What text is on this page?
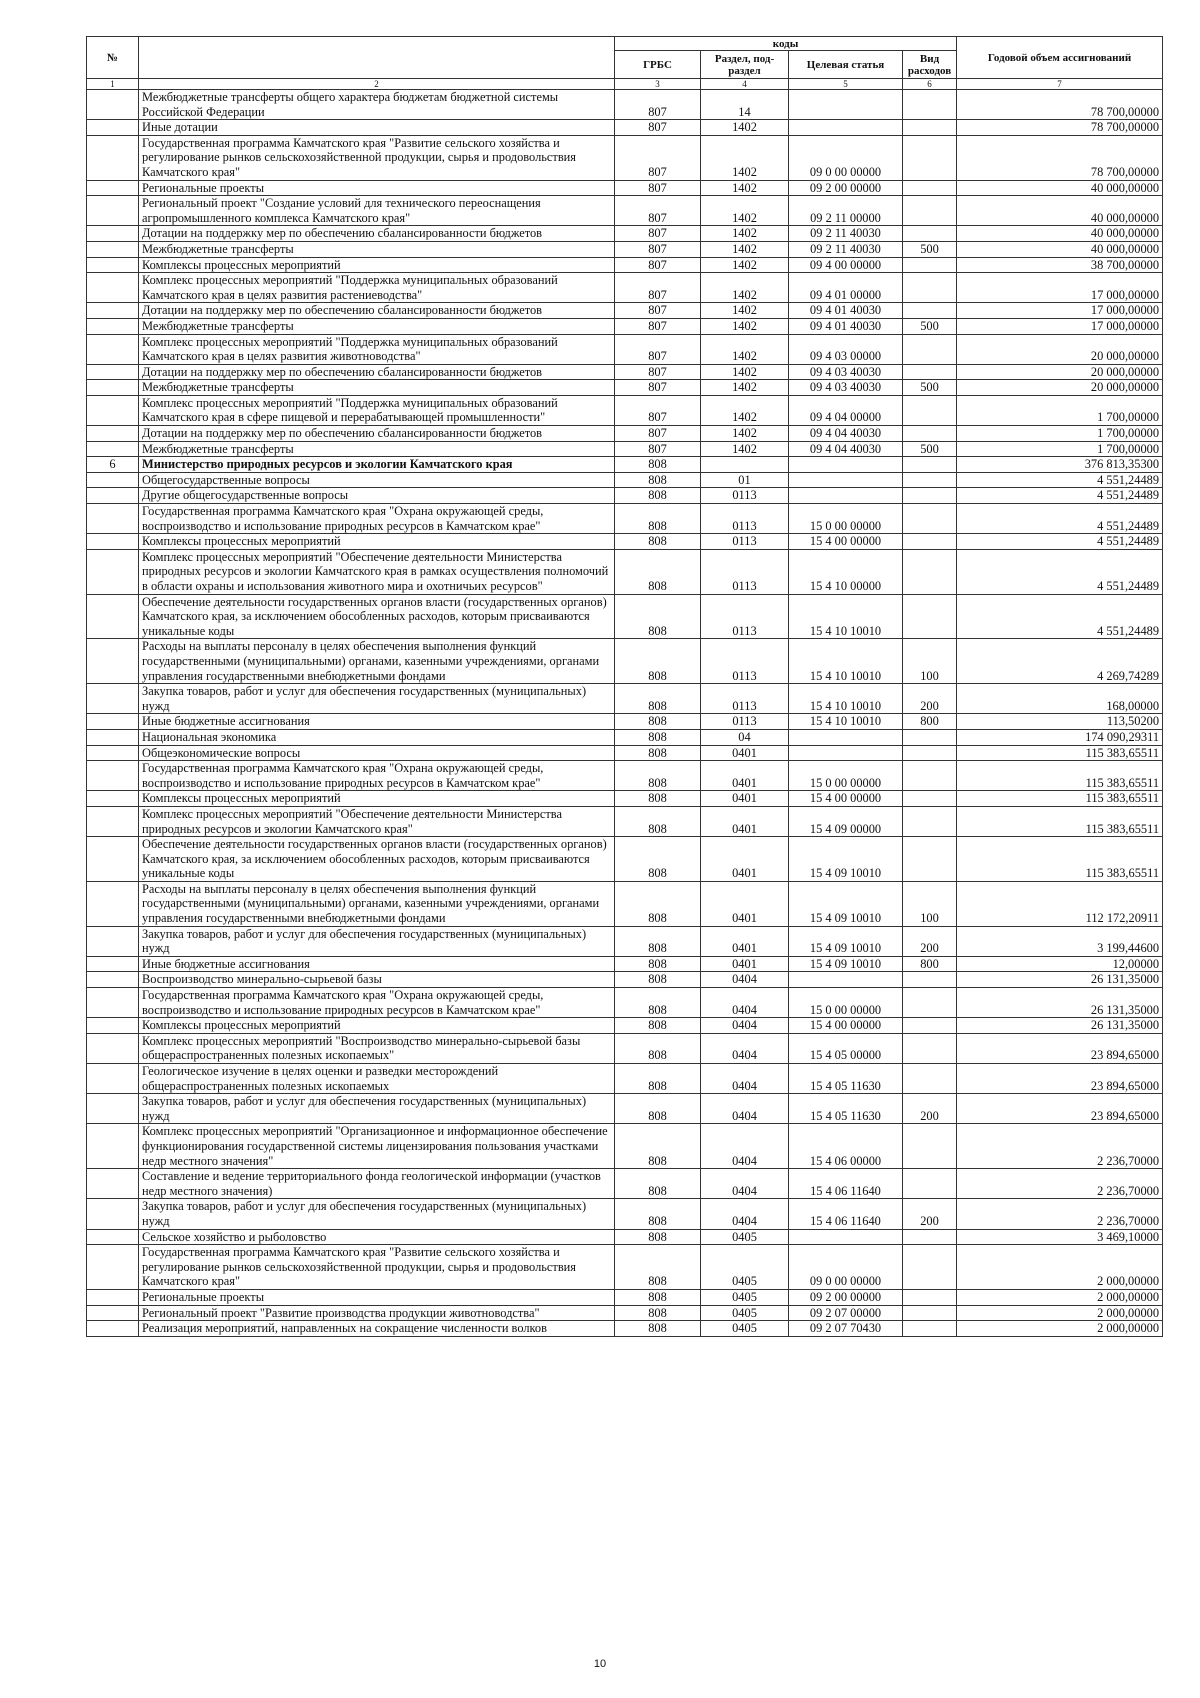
№		коды				Годовой объем ассигнований
		ГРБС	Раздел, под-раздел	Целевая статья	Вид расходов	
1	2	3	4	5	6	7
	Межбюджетные трансферты общего характера бюджетам бюджетной системы Российской Федерации	807	14			78 700,00000
	Иные дотации	807	1402			78 700,00000
	Государственная программа Камчатского края "Развитие сельского хозяйства и регулирование рынков сельскохозяйственной продукции, сырья и продовольствия Камчатского края"	807	1402	09 0 00 00000		78 700,00000
	Региональные проекты	807	1402	09 2 00 00000		40 000,00000
	Региональный проект "Создание условий для технического переоснащения агропромышленного комплекса Камчатского края"	807	1402	09 2 11 00000		40 000,00000
	Дотации на поддержку мер по обеспечению сбалансированности бюджетов	807	1402	09 2 11 40030		40 000,00000
	Межбюджетные трансферты	807	1402	09 2 11 40030	500	40 000,00000
	Комплексы процессных мероприятий	807	1402	09 4 00 00000		38 700,00000
	Комплекс процессных мероприятий "Поддержка муниципальных образований Камчатского края в целях развития растениеводства"	807	1402	09 4 01 00000		17 000,00000
	Дотации на поддержку мер по обеспечению сбалансированности бюджетов	807	1402	09 4 01 40030		17 000,00000
	Межбюджетные трансферты	807	1402	09 4 01 40030	500	17 000,00000
	Комплекс процессных мероприятий "Поддержка муниципальных образований Камчатского края в целях развития животноводства"	807	1402	09 4 03 00000		20 000,00000
	Дотации на поддержку мер по обеспечению сбалансированности бюджетов	807	1402	09 4 03 40030		20 000,00000
	Межбюджетные трансферты	807	1402	09 4 03 40030	500	20 000,00000
	Комплекс процессных мероприятий "Поддержка муниципальных образований Камчатского края в сфере пищевой и перерабатывающей промышленности"	807	1402	09 4 04 00000		1 700,00000
	Дотации на поддержку мер по обеспечению сбалансированности бюджетов	807	1402	09 4 04 40030		1 700,00000
	Межбюджетные трансферты	807	1402	09 4 04 40030	500	1 700,00000
6	Министерство природных ресурсов и экологии Камчатского края	808				376 813,35300
	Общегосударственные вопросы	808	01			4 551,24489
	Другие общегосударственные вопросы	808	0113			4 551,24489
	Государственная программа Камчатского края "Охрана окружающей среды, воспроизводство и использование природных ресурсов в Камчатском крае"	808	0113	15 0 00 00000		4 551,24489
	Комплексы процессных мероприятий	808	0113	15 4 00 00000		4 551,24489
	Комплекс процессных мероприятий "Обеспечение деятельности Министерства природных ресурсов и экологии Камчатского края в рамках осуществления полномочий в области охраны и использования животного мира и охотничьих ресурсов"	808	0113	15 4 10 00000		4 551,24489
	Обеспечение деятельности государственных органов власти (государственных органов) Камчатского края, за исключением обособленных расходов, которым присваиваются уникальные коды	808	0113	15 4 10 10010		4 551,24489
	Расходы на выплаты персоналу в целях обеспечения выполнения функций государственными (муниципальными) органами, казенными учреждениями, органами управления государственными внебюджетными фондами	808	0113	15 4 10 10010	100	4 269,74289
	Закупка товаров, работ и услуг для обеспечения государственных (муниципальных) нужд	808	0113	15 4 10 10010	200	168,00000
	Иные бюджетные ассигнования	808	0113	15 4 10 10010	800	113,50200
	Национальная экономика	808	04			174 090,29311
	Общеэкономические вопросы	808	0401			115 383,65511
	Государственная программа Камчатского края "Охрана окружающей среды, воспроизводство и использование природных ресурсов в Камчатском крае"	808	0401	15 0 00 00000		115 383,65511
	Комплексы процессных мероприятий	808	0401	15 4 00 00000		115 383,65511
	Комплекс процессных мероприятий "Обеспечение деятельности Министерства природных ресурсов и экологии Камчатского края"	808	0401	15 4 09 00000		115 383,65511
	Обеспечение деятельности государственных органов власти (государственных органов) Камчатского края, за исключением обособленных расходов, которым присваиваются уникальные коды	808	0401	15 4 09 10010		115 383,65511
	Расходы на выплаты персоналу в целях обеспечения выполнения функций государственными (муниципальными) органами, казенными учреждениями, органами управления государственными внебюджетными фондами	808	0401	15 4 09 10010	100	112 172,20911
	Закупка товаров, работ и услуг для обеспечения государственных (муниципальных) нужд	808	0401	15 4 09 10010	200	3 199,44600
	Иные бюджетные ассигнования	808	0401	15 4 09 10010	800	12,00000
	Воспроизводство минерально-сырьевой базы	808	0404			26 131,35000
	Государственная программа Камчатского края "Охрана окружающей среды, воспроизводство и использование природных ресурсов в Камчатском крае"	808	0404	15 0 00 00000		26 131,35000
	Комплексы процессных мероприятий	808	0404	15 4 00 00000		26 131,35000
	Комплекс процессных мероприятий "Воспроизводство минерально-сырьевой базы общераспространенных полезных ископаемых"	808	0404	15 4 05 00000		23 894,65000
	Геологическое изучение в целях оценки и разведки месторождений общераспространенных полезных ископаемых	808	0404	15 4 05 11630		23 894,65000
	Закупка товаров, работ и услуг для обеспечения государственных (муниципальных) нужд	808	0404	15 4 05 11630	200	23 894,65000
	Комплекс процессных мероприятий "Организационное и информационное обеспечение функционирования государственной системы лицензирования пользования участками недр местного значения"	808	0404	15 4 06 00000		2 236,70000
	Составление и ведение территориального фонда геологической информации (участков недр местного значения)	808	0404	15 4 06 11640		2 236,70000
	Закупка товаров, работ и услуг для обеспечения государственных (муниципальных) нужд	808	0404	15 4 06 11640	200	2 236,70000
	Сельское хозяйство и рыболовство	808	0405			3 469,10000
	Государственная программа Камчатского края "Развитие сельского хозяйства и регулирование рынков сельскохозяйственной продукции, сырья и продовольствия Камчатского края"	808	0405	09 0 00 00000		2 000,00000
	Региональные проекты	808	0405	09 2 00 00000		2 000,00000
	Региональный проект "Развитие производства продукции животноводства"	808	0405	09 2 07 00000		2 000,00000
	Реализация мероприятий, направленных на сокращение численности волков	808	0405	09 2 07 70430		2 000,00000
10
